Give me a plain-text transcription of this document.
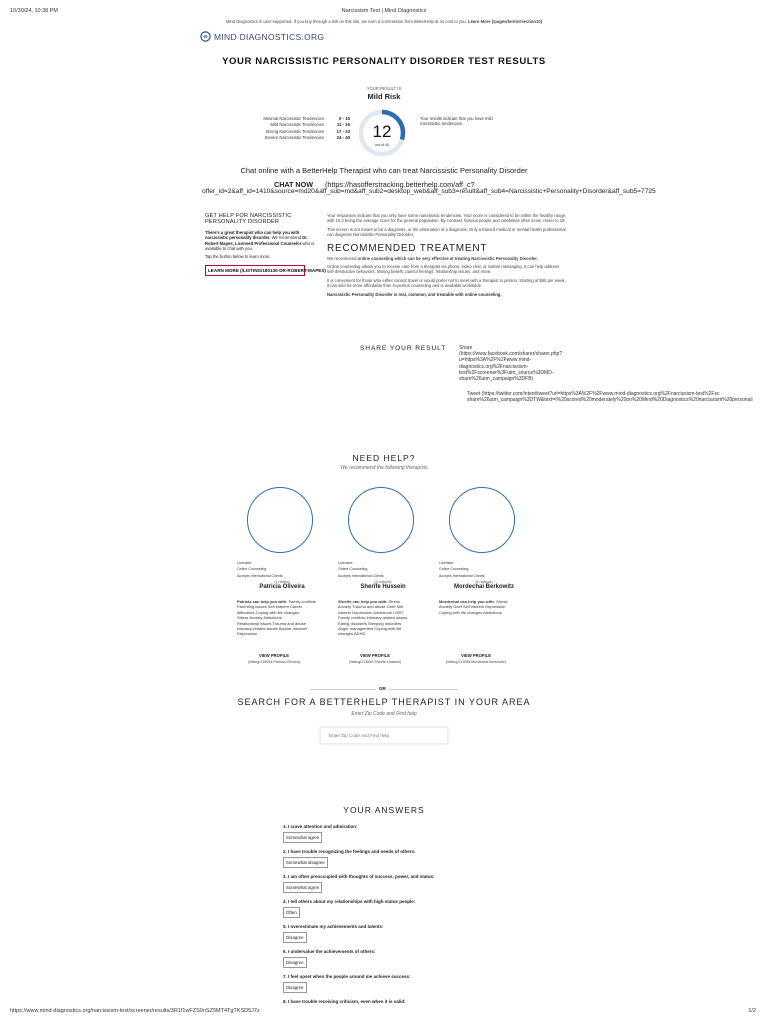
10/30/24, 10:38 PM	Narcissism Test | Mind Diagnostics
Mind Diagnostics is user-supported. If you buy through a link on this site, we earn a commission from BetterHelp at no cost to you. Learn More (/pages/terms#section10)
MIND DIAGNOSTICS.ORG
YOUR NARCISSISTIC PERSONALITY DISORDER TEST RESULTS
YOUR RESULT IS
Mild Risk
Minimal Narcissistic Tendencies	0 - 10
Mild Narcissistic Tendencies	11 - 16
Strong Narcissistic Tendencies	17 - 23
Severe Narcissistic Tendencies	24 - 40 12
out of 40
Your results indicate that you have mild narcissistic tendencies.
Chat online with a BetterHelp Therapist who can treat Narcissistic Personality Disorder
CHAT NOW (https://hasofferstracking.betterhelp.com/aff_c?
offer_id=2&aff_id=1410&source=md20&aff_sub=md&aff_sub2=desktop_web&aff_sub3=result&aff_sub4=Narcissistic+Personality+Disorder&aff_sub5=7725
GET HELP FOR NARCISSISTIC PERSONALITY DISORDER
There's a great therapist who can help you with narcissistic personality disorder. We recommend Dr. Robert Mapes, Licensed Professional Counselor who is available to chat with you.
Tap the button below to learn more.
LEARN MORE (/LISTING/180130-DR-ROBERT-MAPES)
Your responses indicate that you only have some narcissistic tendencies. Your score is considered to be within the healthy range, with 15.3 being the average score for the general population. By contrast, famous people and celebrities often score closer to 18.
This screen is not meant to be a diagnosis, or the elimination of a diagnosis. Only a trained medical or mental health professional can diagnose Narcissistic Personality Disorder.
RECOMMENDED TREATMENT
We recommend online counseling which can be very effective at treating Narcissistic Personality Disorder.
Online counseling allows you to receive care from a therapist via phone, video chat, or instant messaging. It can help address self-destructive behaviors, limiting beliefs, painful feelings, relationship issues, and more.
It is convenient for those who either cannot travel or would prefer not to meet with a therapist in person. Starting at $65 per week, it can also be more affordable than in-person counseling and is available worldwide.
Narcissistic Personality Disorder is real, common, and treatable with online counseling.
SHARE YOUR RESULT	Share
(https://www.facebook.com/sharer/sharer.php?
u=https%3A%2F%2Fwww.mind-
diagnostics.org%2Fnarcissism-
test%2Fscreener%3Futm_source%3DMD-
share%26utm_campaign%3DFB)
Tweet (https://twitter.com/intent/tweet?url=https%3A%2F%2Fwww.mind-diagnostics.org%2Fnarcissism-test%2Fsc
share%26utm_campaign%3DTW&text=I%20scored%20moderately%20on%20Mind%20Diagnostics%20narcissism%20personali
NEED HELP?
We recommend the following therapists
Licensed
Online Counseling
Accepts International Clients
(1 review)
Patricia Oliveira
Patricia can help you with: Family conflicts
Parenting issues Self esteem Career
difficulties Coping with life changes
Stress Anxiety Addictions
Relationship issues Trauma and abuse
Intimacy-related issues Bipolar disorder
Depression
VIEW PROFILE
(/listing/215094-Patricia-Oliveira)
Licensed
Online Counseling
Accepts International Clients
(3 reviews)
Sherife Hussein
Sherife can help you with: Stress
Anxiety Trauma and abuse Grief Self
esteem Depression Addictions LGBT
Family conflicts Intimacy-related issues
Eating disorders Sleeping disorders
Anger management Coping with life
changes ADHD
VIEW PROFILE
(/listing/213690-Sherife-Hussein)
Licensed
Online Counseling
Accepts International Clients
(6 reviews)
Mordechai Berkowitz
Mordechai can help you with: Stress
Anxiety Grief Self esteem Depression
Coping with life changes Addictions
VIEW PROFILE
(/listing/211506-Mordechai-Berkowitz)
OR
SEARCH FOR A BETTERHELP THERAPIST IN YOUR AREA
Enter Zip Code and Find help
Enter Zip Code and Find help
YOUR ANSWERS
1. I crave attention and admiration:
Somewhat agree
2. I have trouble recognizing the feelings and needs of others:
Somewhat disagree
3. I am often preoccupied with thoughts of success, power, and status:
Somewhat agree
4. I tell others about my relationships with high status people:
Often
5. I overestimate my achievements and talents:
Disagree
6. I undervalue the achievements of others:
Disagree
7. I feel upset when the people around me achieve success:
Disagree
8. I have trouble receiving criticism, even when it is valid:
https://www.mind-diagnostics.org/narcissism-test/screener/results/3R1f1wFZS0nSZ5MT4TgTKSD5J7z	1/2
